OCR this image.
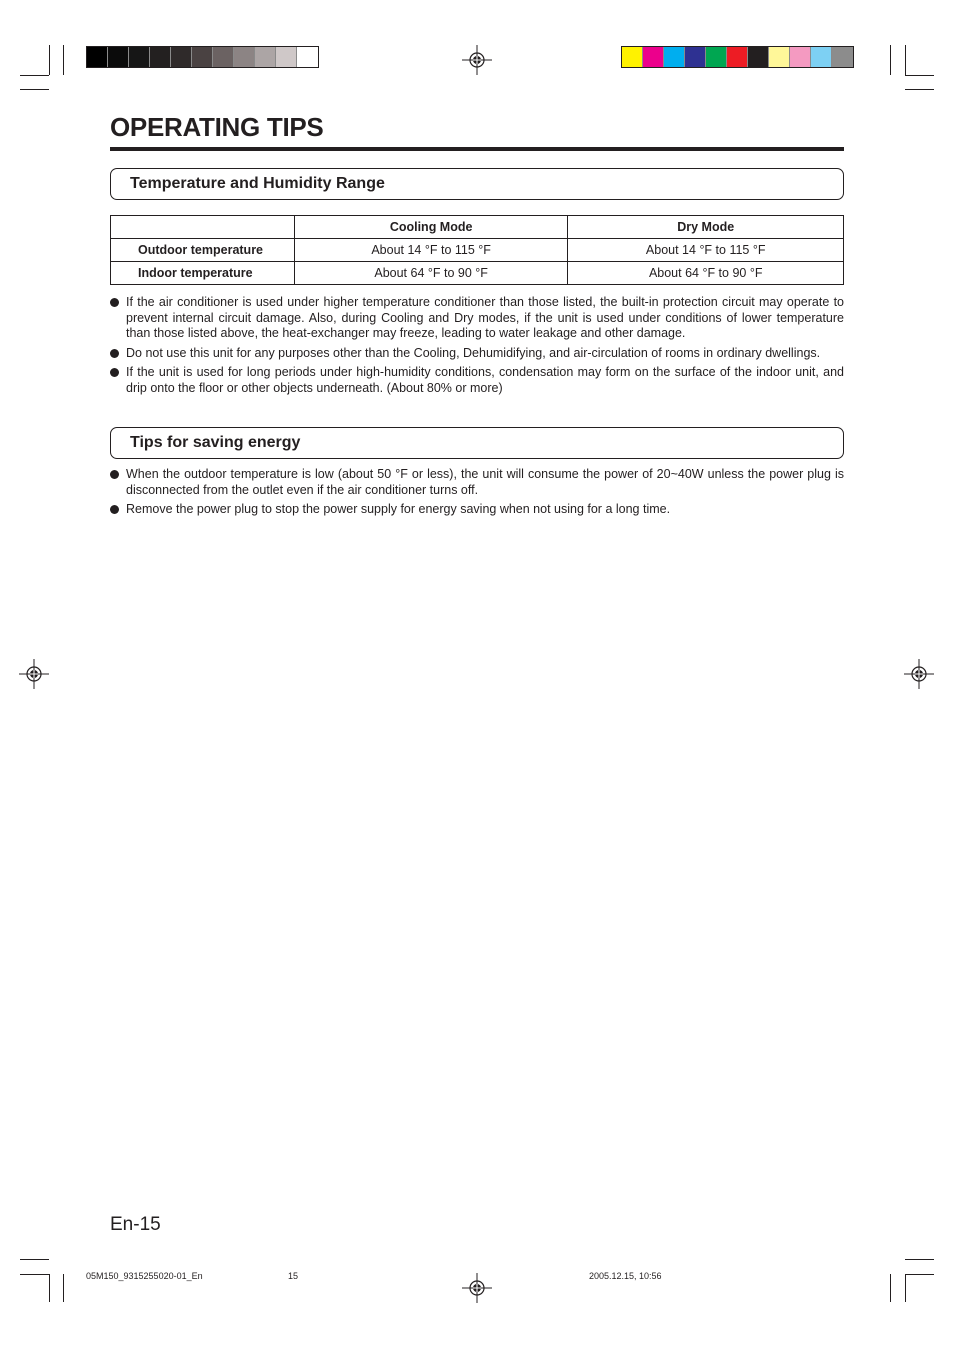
OPERATING TIPS
Temperature and Humidity Range
	Cooling Mode	Dry Mode
Outdoor temperature	About 14 °F to 115 °F	About 14 °F to 115 °F
Indoor temperature	About 64 °F to 90 °F	About 64 °F to 90 °F
If the air conditioner is used under higher temperature conditioner than those listed, the built-in protection circuit may operate to prevent internal circuit damage. Also, during Cooling and Dry modes, if the unit is used under conditions of lower temperature than those listed above, the heat-exchanger may freeze, leading to water leakage and other damage.
Do not use this unit for any purposes other than the Cooling, Dehumidifying, and air-circulation of rooms in ordinary dwellings.
If the unit is used for long periods under high-humidity conditions, condensation may form on the surface of the indoor unit, and drip onto the floor or other objects underneath. (About 80% or more)
Tips for saving energy
When the outdoor temperature is low (about 50 °F or less), the unit will consume the power of 20~40W unless the power plug is disconnected from the outlet even if the air conditioner turns off.
Remove the power plug to stop the power supply for energy saving when not using for a long time.
En-15
05M150_9315255020-01_En	15	2005.12.15, 10:56
